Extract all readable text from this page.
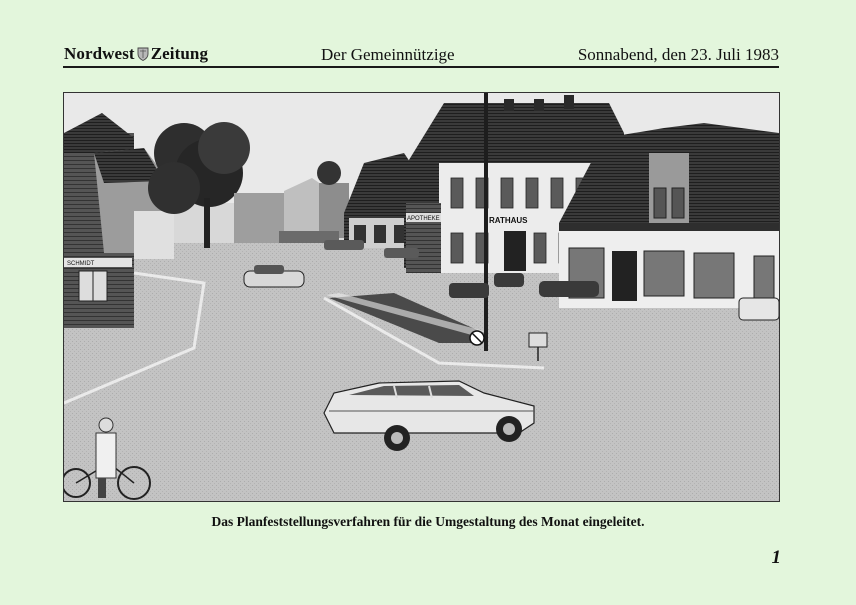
Nordwest Zeitung	Der Gemeinnützige	Sonnabend, den 23. Juli 1983
SCHMIDT
RATHAUS
APOTHEKE
Das Planfeststellungsverfahren für die Umgestaltung des Monat eingeleitet.
1
